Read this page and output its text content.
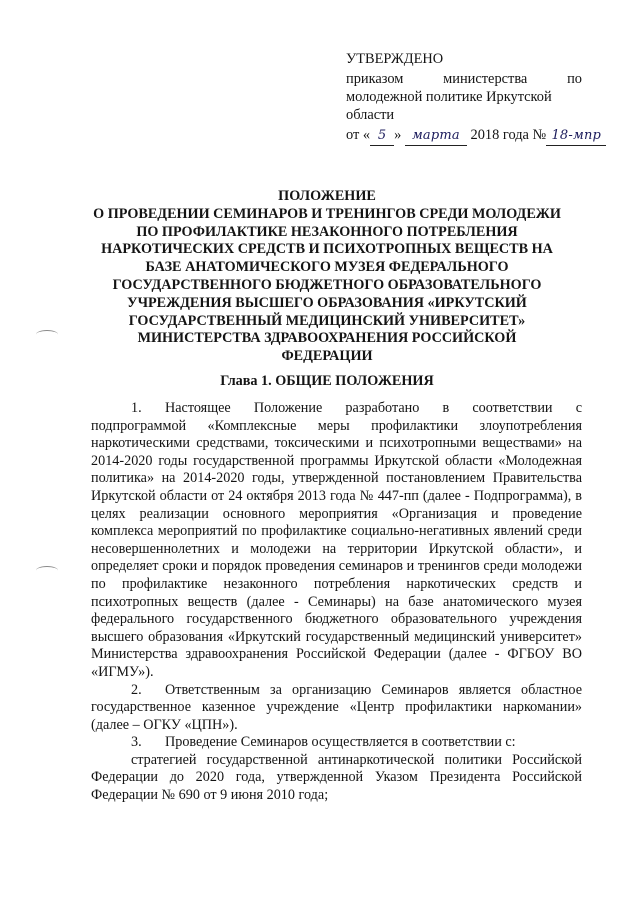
УТВЕРЖДЕНО
приказом министерства по
молодежной политике Иркутской
области
от « 5 » марта 2018 года № 18-мпр
ПОЛОЖЕНИЕ
О ПРОВЕДЕНИИ СЕМИНАРОВ И ТРЕНИНГОВ СРЕДИ МОЛОДЕЖИ
ПО ПРОФИЛАКТИКЕ НЕЗАКОННОГО ПОТРЕБЛЕНИЯ
НАРКОТИЧЕСКИХ СРЕДСТВ И ПСИХОТРОПНЫХ ВЕЩЕСТВ НА
БАЗЕ АНАТОМИЧЕСКОГО МУЗЕЯ ФЕДЕРАЛЬНОГО
ГОСУДАРСТВЕННОГО БЮДЖЕТНОГО ОБРАЗОВАТЕЛЬНОГО
УЧРЕЖДЕНИЯ ВЫСШЕГО ОБРАЗОВАНИЯ «ИРКУТСКИЙ
ГОСУДАРСТВЕННЫЙ МЕДИЦИНСКИЙ УНИВЕРСИТЕТ»
МИНИСТЕРСТВА ЗДРАВООХРАНЕНИЯ РОССИЙСКОЙ
ФЕДЕРАЦИИ
Глава 1. ОБЩИЕ ПОЛОЖЕНИЯ

1. Настоящее Положение разработано в соответствии с подпрограммой «Комплексные меры профилактики злоупотребления наркотическими средствами, токсическими и психотропными веществами» на 2014-2020 годы государственной программы Иркутской области «Молодежная политика» на 2014-2020 годы, утвержденной постановлением Правительства Иркутской области от 24 октября 2013 года № 447-пп (далее - Подпрограмма), в целях реализации основного мероприятия «Организация и проведение комплекса мероприятий по профилактике социально-негативных явлений среди несовершеннолетних и молодежи на территории Иркутской области», и определяет сроки и порядок проведения семинаров и тренингов среди молодежи по профилактике незаконного потребления наркотических средств и психотропных веществ (далее - Семинары) на базе анатомического музея федерального государственного бюджетного образовательного учреждения высшего образования «Иркутский государственный медицинский университет» Министерства здравоохранения Российской Федерации (далее - ФГБОУ ВО «ИГМУ»).

2. Ответственным за организацию Семинаров является областное государственное казенное учреждение «Центр профилактики наркомании» (далее – ОГКУ «ЦПН»).

3. Проведение Семинаров осуществляется в соответствии с:

стратегией государственной антинаркотической политики Российской Федерации до 2020 года, утвержденной Указом Президента Российской Федерации № 690 от 9 июня 2010 года;
